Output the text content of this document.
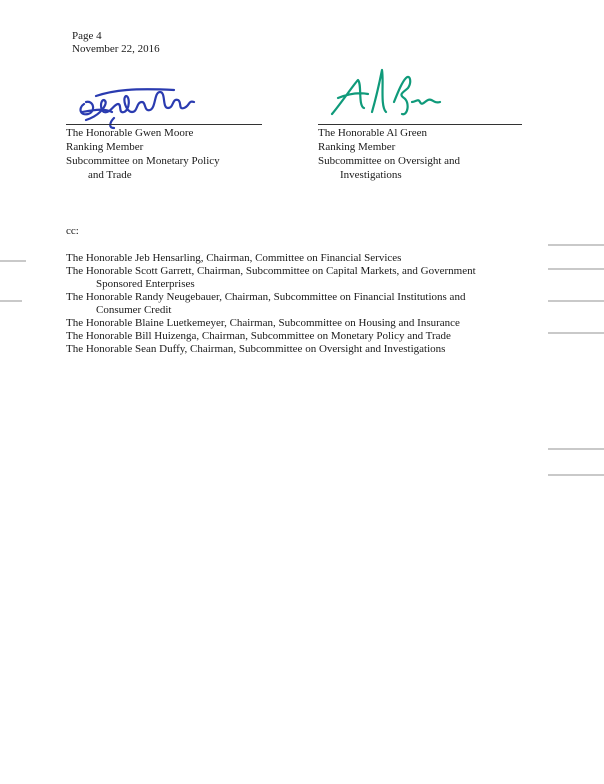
Page 4
November 22, 2016
The Honorable Gwen Moore
Ranking Member
Subcommittee on Monetary Policy
and Trade
The Honorable Al Green
Ranking Member
Subcommittee on Oversight and
Investigations
cc:
The Honorable Jeb Hensarling, Chairman, Committee on Financial Services
The Honorable Scott Garrett, Chairman, Subcommittee on Capital Markets, and Government
Sponsored Enterprises
The Honorable Randy Neugebauer, Chairman, Subcommittee on Financial Institutions and
Consumer Credit
The Honorable Blaine Luetkemeyer, Chairman, Subcommittee on Housing and Insurance
The Honorable Bill Huizenga, Chairman, Subcommittee on Monetary Policy and Trade
The Honorable Sean Duffy, Chairman, Subcommittee on Oversight and Investigations
